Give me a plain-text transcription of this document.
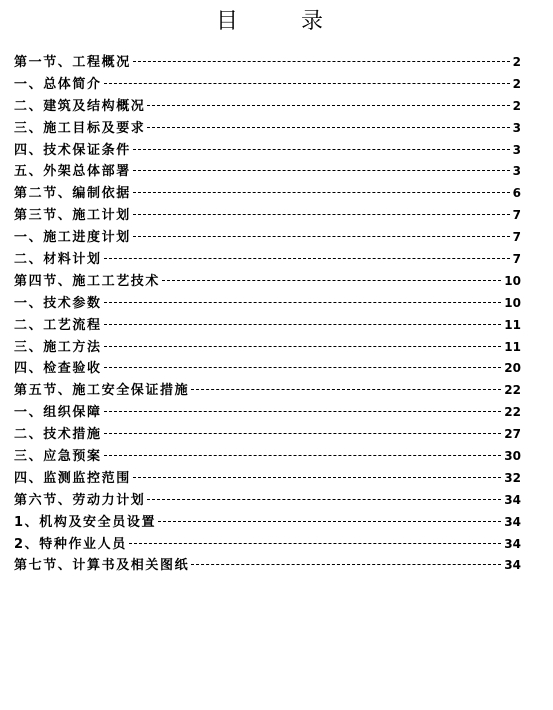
目 录
第一节、工程概况	2
一、总体简介	2
二、建筑及结构概况	2
三、施工目标及要求	3
四、技术保证条件	3
五、外架总体部署	3
第二节、编制依据	6
第三节、施工计划	7
一、施工进度计划	7
二、材料计划	7
第四节、施工工艺技术	10
一、技术参数	10
二、工艺流程	11
三、施工方法	11
四、检查验收	20
第五节、施工安全保证措施	22
一、组织保障	22
二、技术措施	27
三、应急预案	30
四、监测监控范围	32
第六节、劳动力计划	34
1、机构及安全员设置	34
2、特种作业人员	34
第七节、计算书及相关图纸	34
